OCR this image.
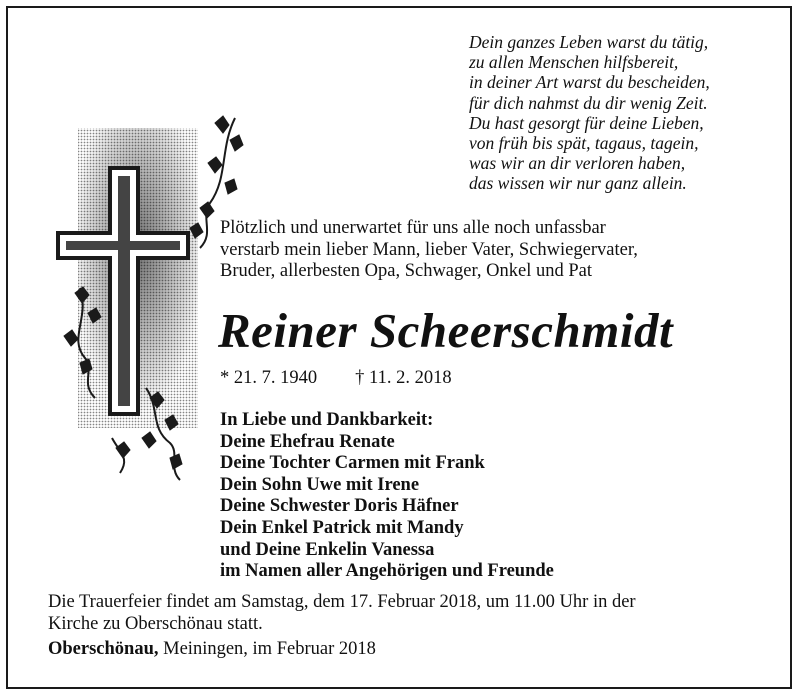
Dein ganzes Leben warst du tätig,
zu allen Menschen hilfsbereit,
in deiner Art warst du bescheiden,
für dich nahmst du dir wenig Zeit.
Du hast gesorgt für deine Lieben,
von früh bis spät, tagaus, tagein,
was wir an dir verloren haben,
das wissen wir nur ganz allein.
Plötzlich und unerwartet für uns alle noch unfassbar
verstarb mein lieber Mann, lieber Vater, Schwiegervater,
Bruder, allerbesten Opa, Schwager, Onkel und Pat
Reiner Scheerschmidt
* 21. 7. 1940 † 11. 2. 2018
In Liebe und Dankbarkeit:
Deine Ehefrau Renate
Deine Tochter Carmen mit Frank
Dein Sohn Uwe mit Irene
Deine Schwester Doris Häfner
Dein Enkel Patrick mit Mandy
und Deine Enkelin Vanessa
im Namen aller Angehörigen und Freunde
Die Trauerfeier findet am Samstag, dem 17. Februar 2018, um 11.00 Uhr in der
Kirche zu Oberschönau statt.
Oberschönau, Meiningen, im Februar 2018
